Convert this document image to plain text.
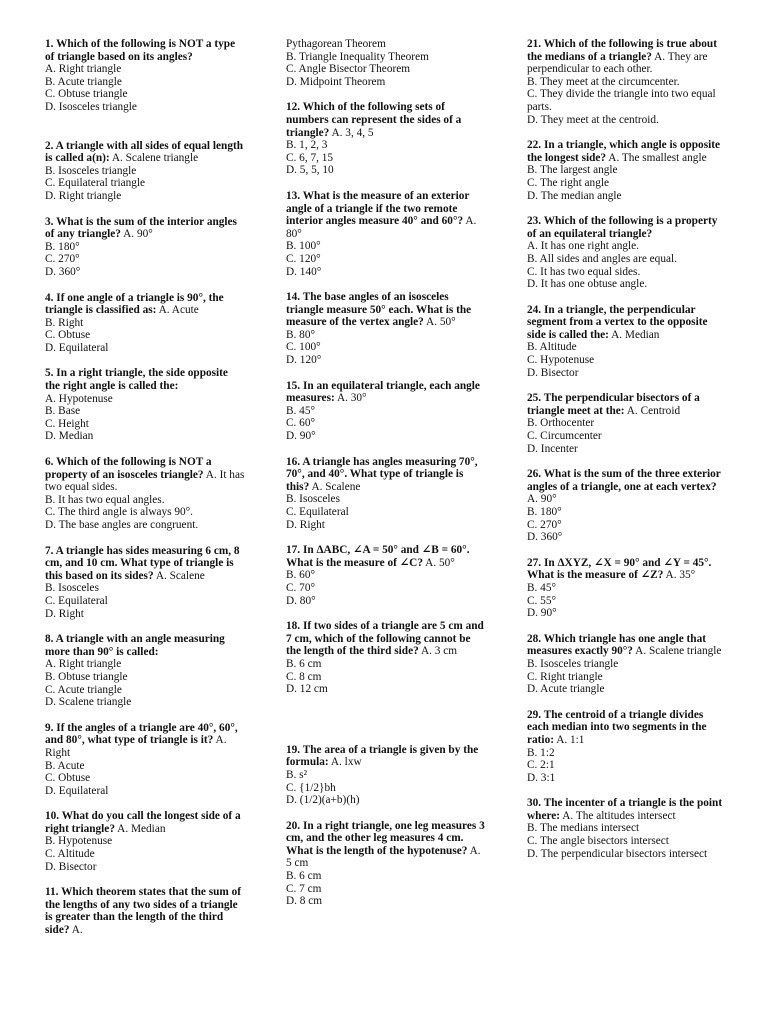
1. Which of the following is NOT a type of triangle based on its angles?
A. Right triangle
B. Acute triangle
C. Obtuse triangle
D. Isosceles triangle
2. A triangle with all sides of equal length is called a(n): A. Scalene triangle
B. Isosceles triangle
C. Equilateral triangle
D. Right triangle
3. What is the sum of the interior angles of any triangle? A. 90°
B. 180°
C. 270°
D. 360°
4. If one angle of a triangle is 90°, the triangle is classified as: A. Acute
B. Right
C. Obtuse
D. Equilateral
5. In a right triangle, the side opposite the right angle is called the:
A. Hypotenuse
B. Base
C. Height
D. Median
6. Which of the following is NOT a property of an isosceles triangle? A. It has two equal sides.
B. It has two equal angles.
C. The third angle is always 90°.
D. The base angles are congruent.
7. A triangle has sides measuring 6 cm, 8 cm, and 10 cm. What type of triangle is this based on its sides? A. Scalene
B. Isosceles
C. Equilateral
D. Right
8. A triangle with an angle measuring more than 90° is called:
A. Right triangle
B. Obtuse triangle
C. Acute triangle
D. Scalene triangle
9. If the angles of a triangle are 40°, 60°, and 80°, what type of triangle is it? A. Right
B. Acute
C. Obtuse
D. Equilateral
10. What do you call the longest side of a right triangle? A. Median
B. Hypotenuse
C. Altitude
D. Bisector
11. Which theorem states that the sum of the lengths of any two sides of a triangle is greater than the length of the third side? A.
Pythagorean Theorem
B. Triangle Inequality Theorem
C. Angle Bisector Theorem
D. Midpoint Theorem
12. Which of the following sets of numbers can represent the sides of a triangle? A. 3, 4, 5
B. 1, 2, 3
C. 6, 7, 15
D. 5, 5, 10
13. What is the measure of an exterior angle of a triangle if the two remote interior angles measure 40° and 60°? A. 80°
B. 100°
C. 120°
D. 140°
14. The base angles of an isosceles triangle measure 50° each. What is the measure of the vertex angle? A. 50°
B. 80°
C. 100°
D. 120°
15. In an equilateral triangle, each angle measures: A. 30°
B. 45°
C. 60°
D. 90°
16. A triangle has angles measuring 70°, 70°, and 40°. What type of triangle is this? A. Scalene
B. Isosceles
C. Equilateral
D. Right
17. In ΔABC, ∠A = 50° and ∠B = 60°. What is the measure of ∠C? A. 50°
B. 60°
C. 70°
D. 80°
18. If two sides of a triangle are 5 cm and 7 cm, which of the following cannot be the length of the third side? A. 3 cm
B. 6 cm
C. 8 cm
D. 12 cm
19. The area of a triangle is given by the formula: A. lxw
B. s²
C. {1/2}bh
D. (1/2)(a+b)(h)
20. In a right triangle, one leg measures 3 cm, and the other leg measures 4 cm. What is the length of the hypotenuse? A. 5 cm
B. 6 cm
C. 7 cm
D. 8 cm
21. Which of the following is true about the medians of a triangle? A. They are perpendicular to each other.
B. They meet at the circumcenter.
C. They divide the triangle into two equal parts.
D. They meet at the centroid.
22. In a triangle, which angle is opposite the longest side? A. The smallest angle
B. The largest angle
C. The right angle
D. The median angle
23. Which of the following is a property of an equilateral triangle?
A. It has one right angle.
B. All sides and angles are equal.
C. It has two equal sides.
D. It has one obtuse angle.
24. In a triangle, the perpendicular segment from a vertex to the opposite side is called the: A. Median
B. Altitude
C. Hypotenuse
D. Bisector
25. The perpendicular bisectors of a triangle meet at the: A. Centroid
B. Orthocenter
C. Circumcenter
D. Incenter
26. What is the sum of the three exterior angles of a triangle, one at each vertex? A. 90°
B. 180°
C. 270°
D. 360°
27. In ΔXYZ, ∠X = 90° and ∠Y = 45°. What is the measure of ∠Z? A. 35°
B. 45°
C. 55°
D. 90°
28. Which triangle has one angle that measures exactly 90°? A. Scalene triangle
B. Isosceles triangle
C. Right triangle
D. Acute triangle
29. The centroid of a triangle divides each median into two segments in the ratio: A. 1:1
B. 1:2
C. 2:1
D. 3:1
30. The incenter of a triangle is the point where: A. The altitudes intersect
B. The medians intersect
C. The angle bisectors intersect
D. The perpendicular bisectors intersect
